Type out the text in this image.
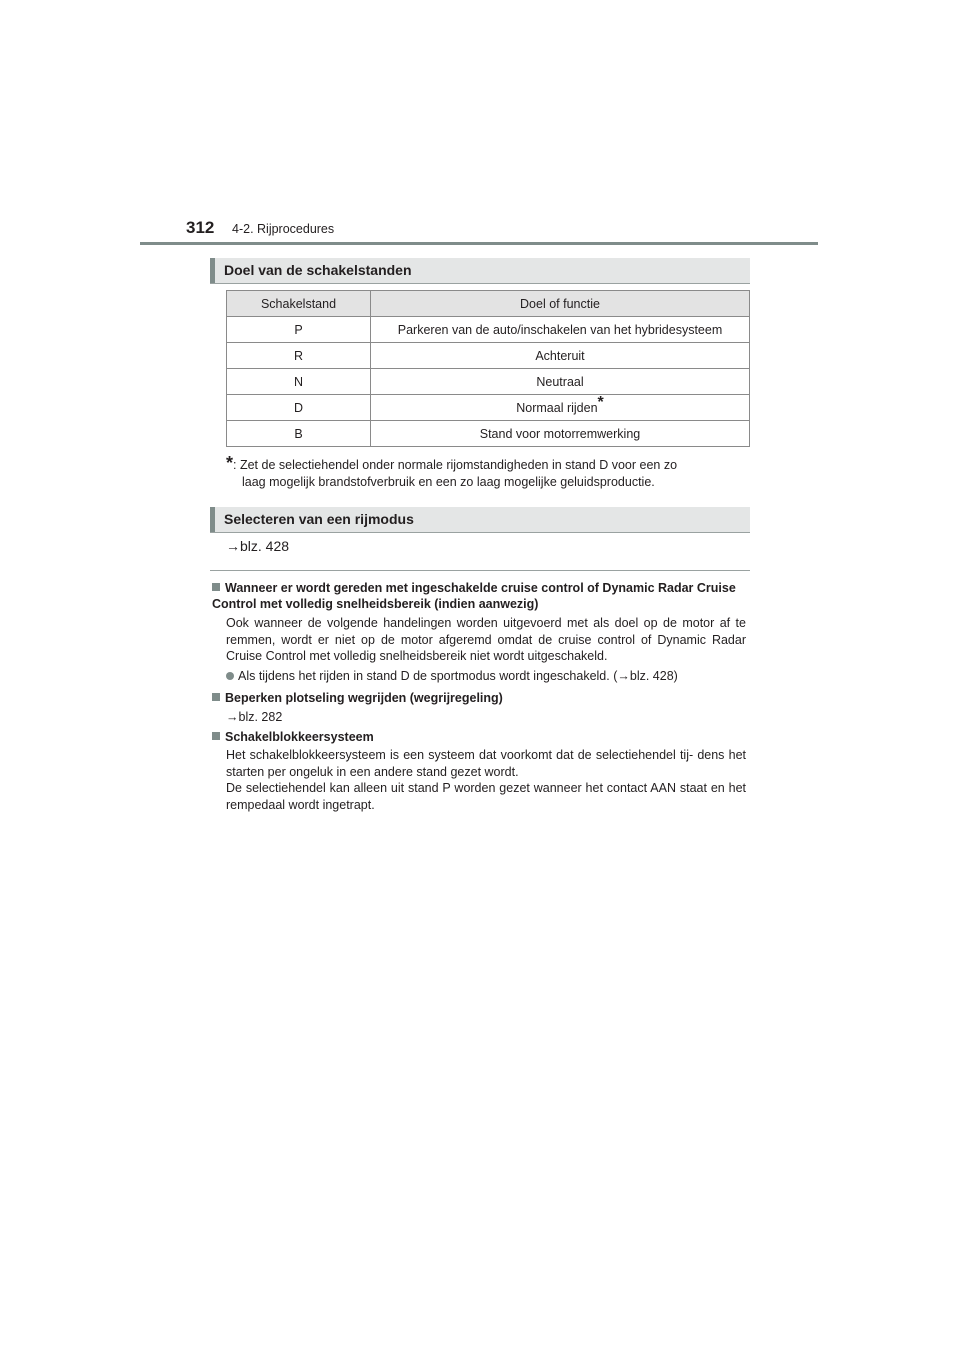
312 4-2. Rijprocedures
Doel van de schakelstanden
Schakelstand	Doel of functie
P	Parkeren van de auto/inschakelen van het hybridesysteem
R	Achteruit
N	Neutraal
D	Normaal rijden*
B	Stand voor motorremwerking
*: Zet de selectiehendel onder normale rijomstandigheden in stand D voor een zo
laag mogelijk brandstofverbruik en een zo laag mogelijke geluidsproductie.
Selecteren van een rijmodus
→blz. 428
Wanneer er wordt gereden met ingeschakelde cruise control of Dynamic Radar Cruise Control met volledig snelheidsbereik (indien aanwezig)
Ook wanneer de volgende handelingen worden uitgevoerd met als doel op de motor af te remmen, wordt er niet op de motor afgeremd omdat de cruise control of Dynamic Radar Cruise Control met volledig snelheidsbereik niet wordt uitgeschakeld.
Als tijdens het rijden in stand D de sportmodus wordt ingeschakeld. (→blz. 428)
Beperken plotseling wegrijden (wegrijregeling)
→blz. 282
Schakelblokkeersysteem
Het schakelblokkeersysteem is een systeem dat voorkomt dat de selectiehendel tij- dens het starten per ongeluk in een andere stand gezet wordt.
De selectiehendel kan alleen uit stand P worden gezet wanneer het contact AAN staat en het rempedaal wordt ingetrapt.
